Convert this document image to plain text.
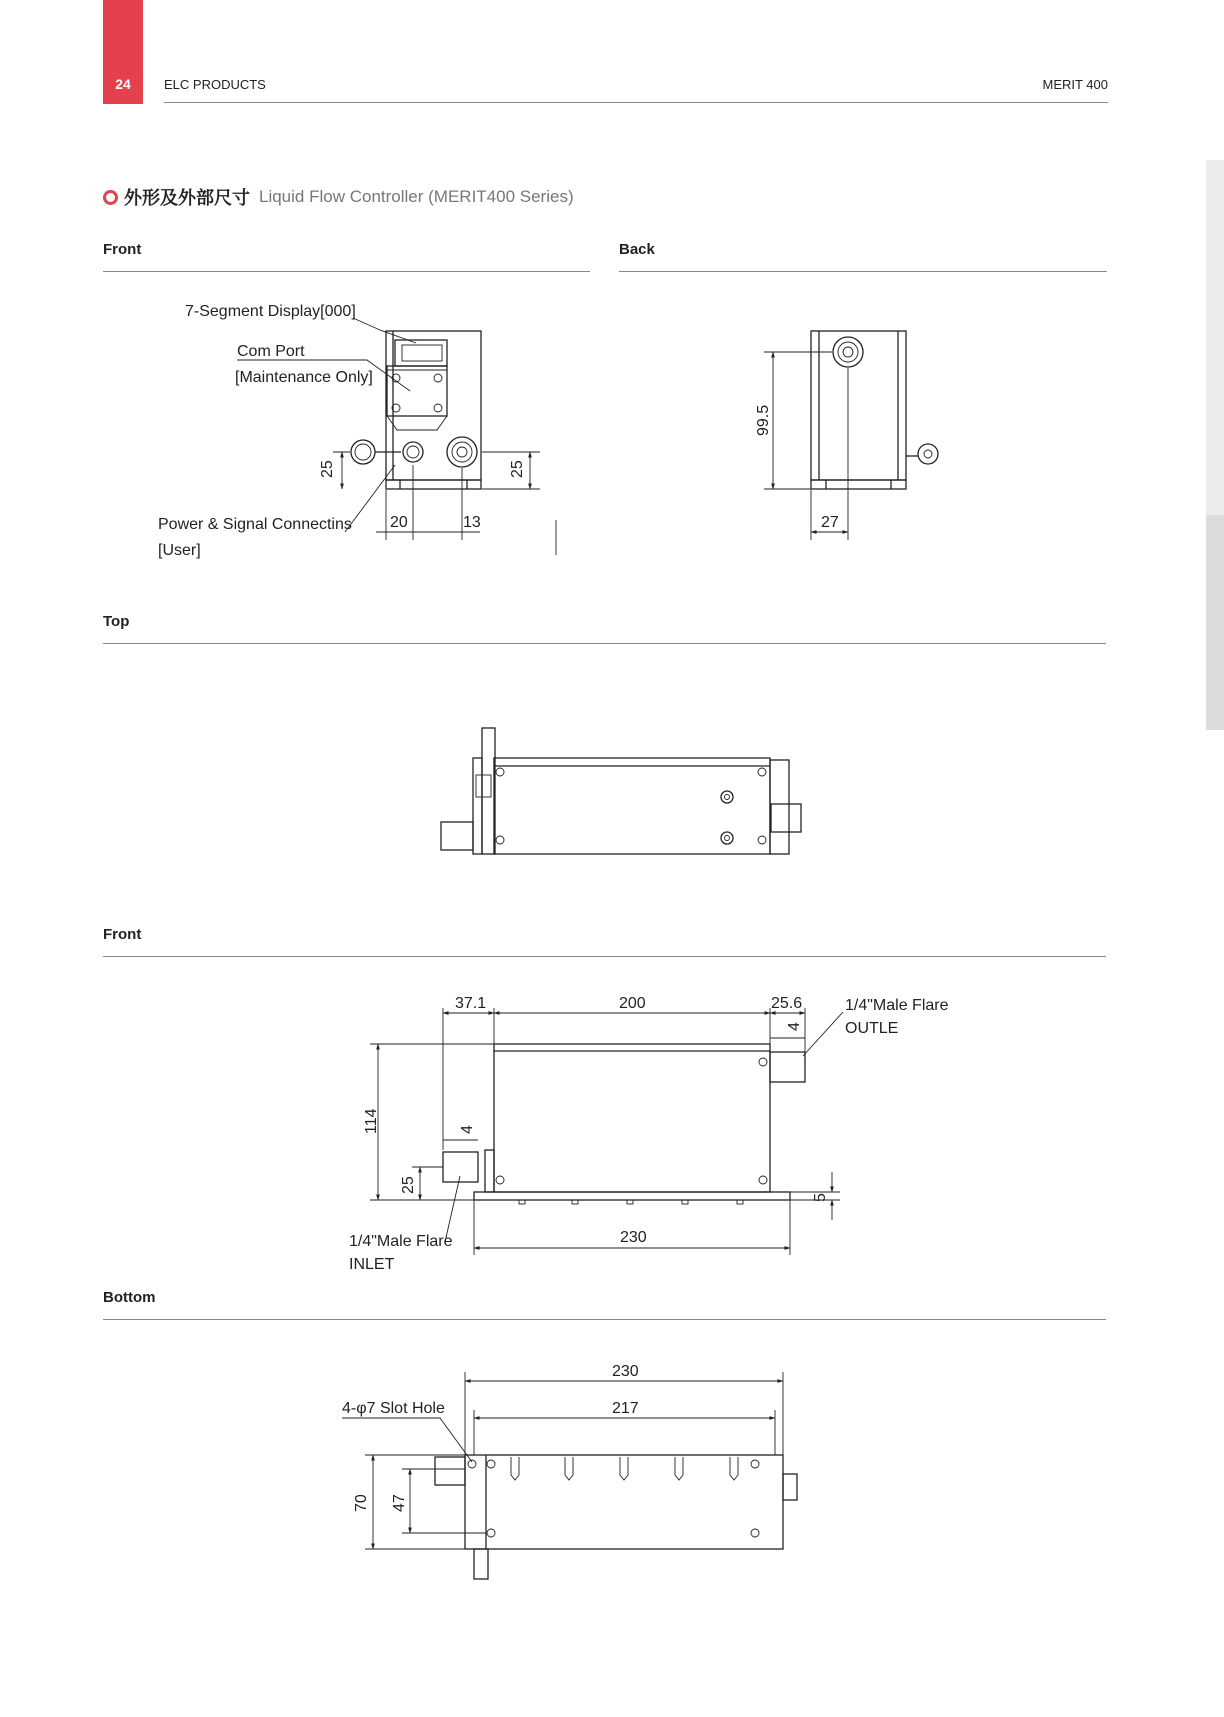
24	ELC PRODUCTS	MERIT 400
外形及外部尺寸 Liquid Flow Controller (MERIT400 Series)
Front	Back
Top
Front
Bottom
7-Segment Display[000]
Com Port
[Maintenance Only]
Power & Signal Connectins
[User]
25	25
20	13
99.5
27
37.1	200	25.6	1/4"Male Flare
OUTLE
114
25
5
1/4"Male Flare
INLET
230
4
4
4-φ7 Slot Hole
230
217
70 47
